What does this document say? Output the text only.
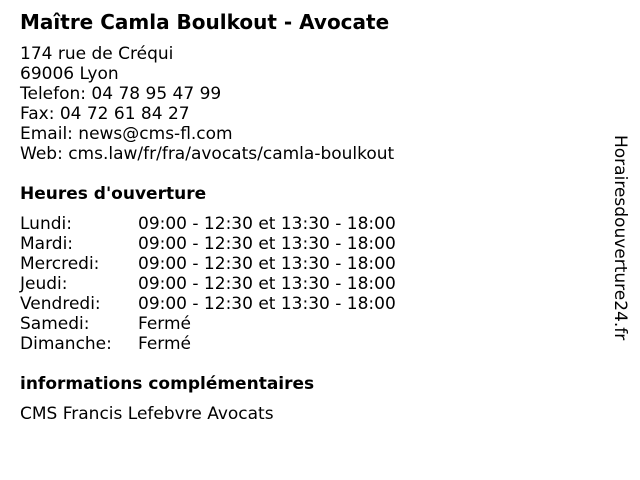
Maître Camla Boulkout - Avocate
174 rue de Créqui
69006 Lyon
Telefon: 04 78 95 47 99
Fax: 04 72 61 84 27
Email: news@cms-fl.com
Web: cms.law/fr/fra/avocats/camla-boulkout
Heures d'ouverture
Lundi:	09:00 - 12:30 et 13:30 - 18:00
Mardi:	09:00 - 12:30 et 13:30 - 18:00
Mercredi:	09:00 - 12:30 et 13:30 - 18:00
Jeudi:	09:00 - 12:30 et 13:30 - 18:00
Vendredi:	09:00 - 12:30 et 13:30 - 18:00
Samedi:	Fermé
Dimanche:	Fermé
informations complémentaires
CMS Francis Lefebvre Avocats
Horairesdouverture24.fr
